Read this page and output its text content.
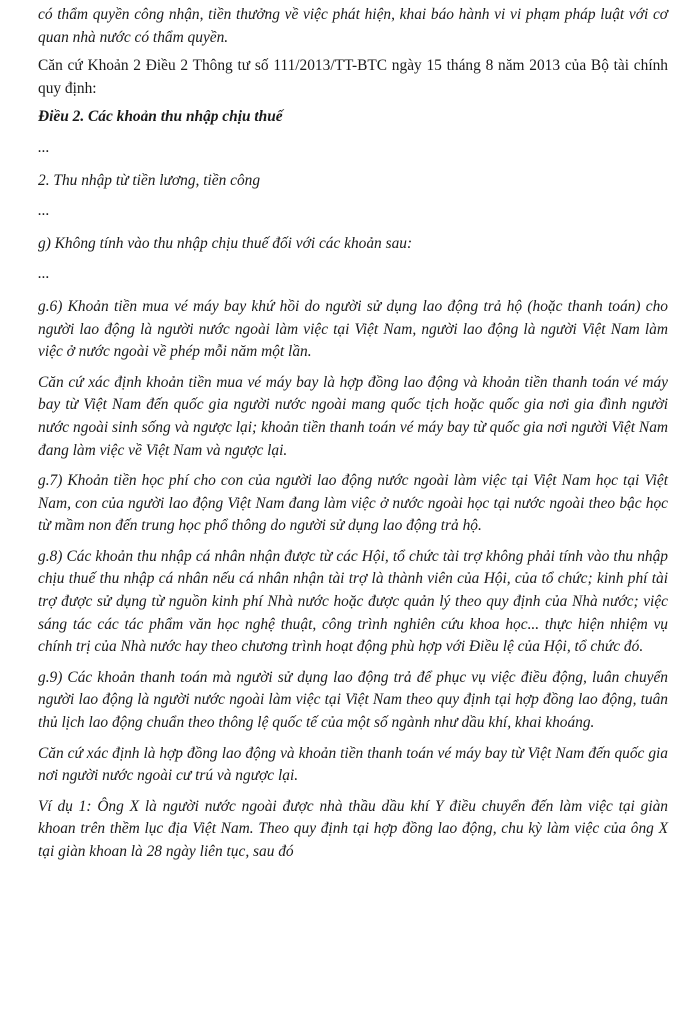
có thẩm quyền công nhận, tiền thưởng về việc phát hiện, khai báo hành vi vi phạm pháp luật với cơ quan nhà nước có thẩm quyền.

Căn cứ Khoản 2 Điều 2 Thông tư số 111/2013/TT-BTC ngày 15 tháng 8 năm 2013 của Bộ tài chính quy định:

Điều 2. Các khoản thu nhập chịu thuế

...

2. Thu nhập từ tiền lương, tiền công

...

g) Không tính vào thu nhập chịu thuế đối với các khoản sau:

...

g.6) Khoản tiền mua vé máy bay khứ hồi do người sử dụng lao động trả hộ (hoặc thanh toán) cho người lao động là người nước ngoài làm việc tại Việt Nam, người lao động là người Việt Nam làm việc ở nước ngoài về phép mỗi năm một lần.

Căn cứ xác định khoản tiền mua vé máy bay là hợp đồng lao động và khoản tiền thanh toán vé máy bay từ Việt Nam đến quốc gia người nước ngoài mang quốc tịch hoặc quốc gia nơi gia đình người nước ngoài sinh sống và ngược lại; khoản tiền thanh toán vé máy bay từ quốc gia nơi người Việt Nam đang làm việc về Việt Nam và ngược lại.

g.7) Khoản tiền học phí cho con của người lao động nước ngoài làm việc tại Việt Nam học tại Việt Nam, con của người lao động Việt Nam đang làm việc ở nước ngoài học tại nước ngoài theo bậc học từ mầm non đến trung học phổ thông do người sử dụng lao động trả hộ.

g.8) Các khoản thu nhập cá nhân nhận được từ các Hội, tổ chức tài trợ không phải tính vào thu nhập chịu thuế thu nhập cá nhân nếu cá nhân nhận tài trợ là thành viên của Hội, của tổ chức; kinh phí tài trợ được sử dụng từ nguồn kinh phí Nhà nước hoặc được quản lý theo quy định của Nhà nước; việc sáng tác các tác phẩm văn học nghệ thuật, công trình nghiên cứu khoa học... thực hiện nhiệm vụ chính trị của Nhà nước hay theo chương trình hoạt động phù hợp với Điều lệ của Hội, tổ chức đó.

g.9) Các khoản thanh toán mà người sử dụng lao động trả để phục vụ việc điều động, luân chuyển người lao động là người nước ngoài làm việc tại Việt Nam theo quy định tại hợp đồng lao động, tuân thủ lịch lao động chuẩn theo thông lệ quốc tế của một số ngành như dầu khí, khai khoáng.

Căn cứ xác định là hợp đồng lao động và khoản tiền thanh toán vé máy bay từ Việt Nam đến quốc gia nơi người nước ngoài cư trú và ngược lại.

Ví dụ 1: Ông X là người nước ngoài được nhà thầu dầu khí Y điều chuyển đến làm việc tại giàn khoan trên thềm lục địa Việt Nam. Theo quy định tại hợp đồng lao động, chu kỳ làm việc của ông X tại giàn khoan là 28 ngày liên tục, sau đó
